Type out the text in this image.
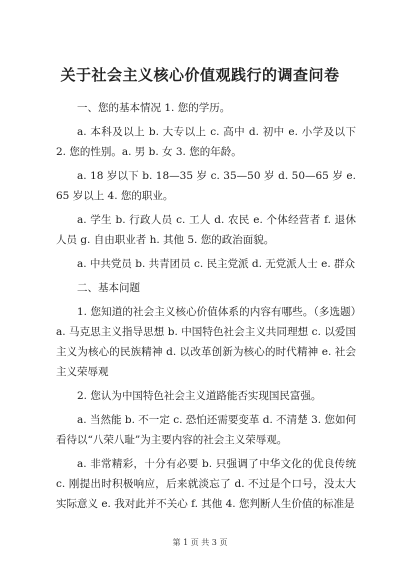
关于社会主义核心价值观践行的调查问卷

一、您的基本情况 1. 您的学历。

a. 本科及以上 b. 大专以上 c. 高中 d. 初中 e. 小学及以下 2. 您的性别。a. 男 b. 女 3. 您的年龄。

a. 18 岁以下 b. 18—35 岁 c. 35—50 岁 d. 50—65 岁 e. 65 岁以上 4. 您的职业。

a. 学生 b. 行政人员 c. 工人 d. 农民 e. 个体经营者 f. 退休人员 g. 自由职业者 h. 其他 5. 您的政治面貌。

a. 中共党员 b. 共青团员 c. 民主党派 d. 无党派人士 e. 群众

二、基本问题

1. 您知道的社会主义核心价值体系的内容有哪些。（多选题）a. 马克思主义指导思想 b. 中国特色社会主义共同理想 c. 以爱国主义为核心的民族精神 d. 以改革创新为核心的时代精神 e. 社会主义荣辱观

2. 您认为中国特色社会主义道路能否实现国民富强。

a. 当然能 b. 不一定 c. 恐怕还需要变革 d. 不清楚 3. 您如何看待以“八荣八耻”为主要内容的社会主义荣辱观。

a. 非常精彩，十分有必要 b. 只强调了中华文化的优良传统 c. 刚提出时积极响应，后来就淡忘了 d. 不过是个口号，没太大实际意义 e. 我对此并不关心 f. 其他 4. 您判断人生价值的标准是

第 1 页 共 3 页
